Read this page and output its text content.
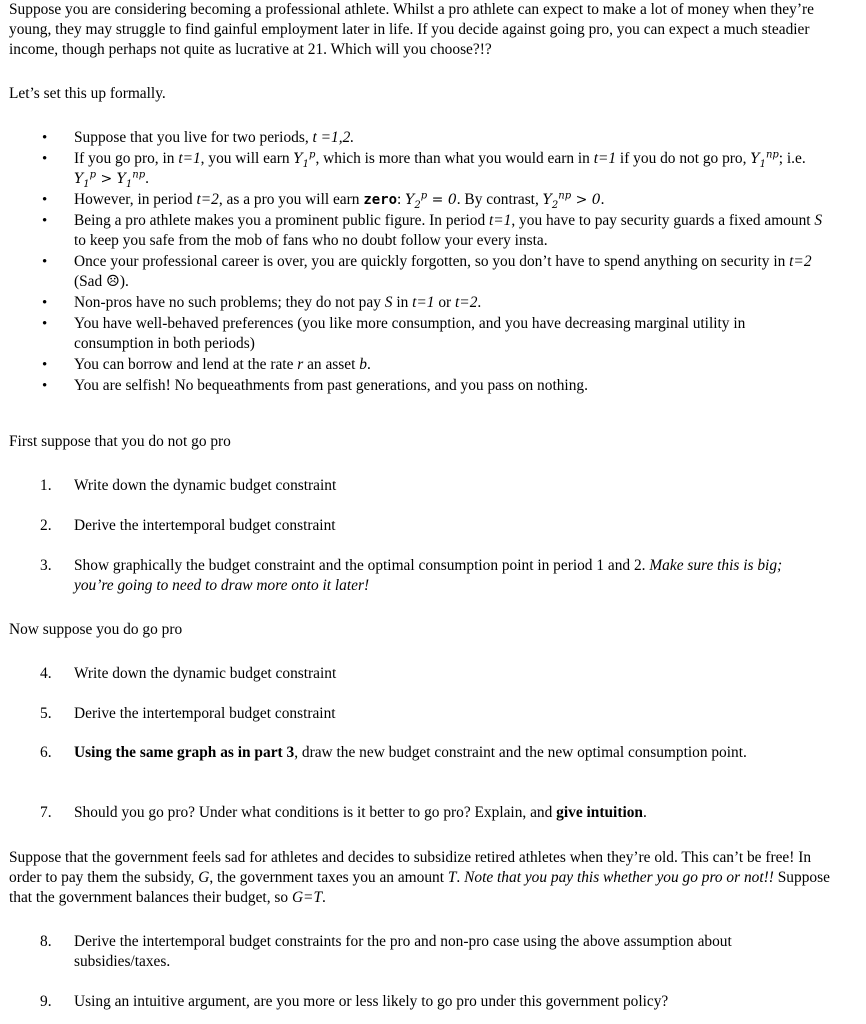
Suppose you are considering becoming a professional athlete. Whilst a pro athlete can expect to make a lot of money when they’re young, they may struggle to find gainful employment later in life. If you decide against going pro, you can expect a much steadier income, though perhaps not quite as lucrative at 21. Which will you choose?!?

Let’s set this up formally.

• Suppose that you live for two periods, t =1,2.
• If you go pro, in t=1, you will earn $Y_1^p$, which is more than what you would earn in t=1 if you do not go pro, $Y_1^{np}$; i.e. $Y_1^p > Y_1^{np}$.
• However, in period t=2, as a pro you will earn zero: $Y_2^p = 0$. By contrast, $Y_2^{np} > 0$.
• Being a pro athlete makes you a prominent public figure. In period t=1, you have to pay security guards a fixed amount S to keep you safe from the mob of fans who no doubt follow your every insta.
• Once your professional career is over, you are quickly forgotten, so you don’t have to spend anything on security in t=2 (Sad ☹).
• Non-pros have no such problems; they do not pay S in t=1 or t=2.
• You have well-behaved preferences (you like more consumption, and you have decreasing marginal utility in consumption in both periods)
• You can borrow and lend at the rate r an asset b.
• You are selfish! No bequeathments from past generations, and you pass on nothing.

First suppose that you do not go pro

1. Write down the dynamic budget constraint
2. Derive the intertemporal budget constraint
3. Show graphically the budget constraint and the optimal consumption point in period 1 and 2. Make sure this is big; you’re going to need to draw more onto it later!

Now suppose you do go pro

4. Write down the dynamic budget constraint
5. Derive the intertemporal budget constraint
6. Using the same graph as in part 3, draw the new budget constraint and the new optimal consumption point.
7. Should you go pro? Under what conditions is it better to go pro? Explain, and give intuition.

Suppose that the government feels sad for athletes and decides to subsidize retired athletes when they’re old. This can’t be free! In order to pay them the subsidy, G, the government taxes you an amount T. Note that you pay this whether you go pro or not!! Suppose that the government balances their budget, so G=T.

8. Derive the intertemporal budget constraints for the pro and non-pro case using the above assumption about subsidies/taxes.
9. Using an intuitive argument, are you more or less likely to go pro under this government policy?
